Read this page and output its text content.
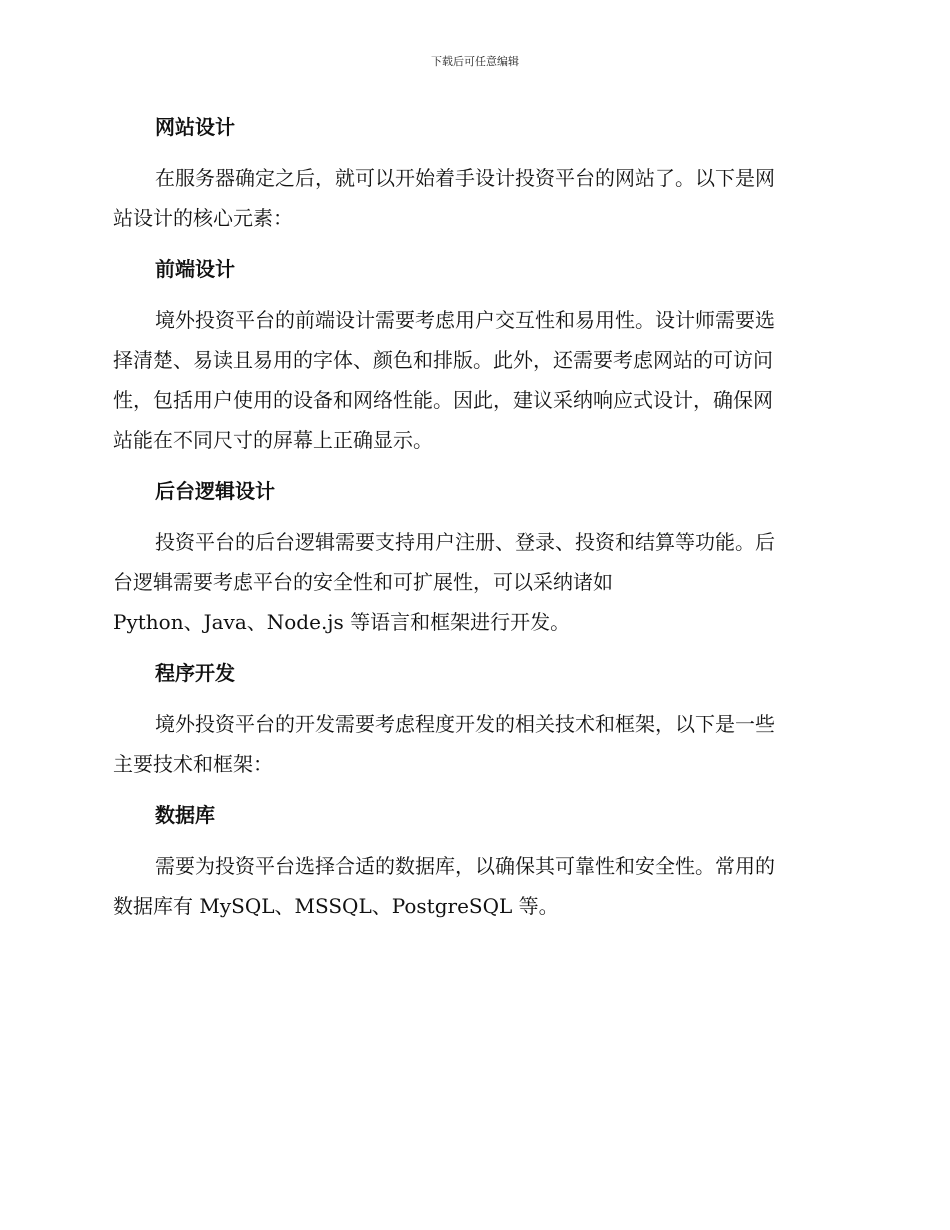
下载后可任意编辑
网站设计
在服务器确定之后，就可以开始着手设计投资平台的网站了。以下是网
站设计的核心元素：
前端设计
境外投资平台的前端设计需要考虑用户交互性和易用性。设计师需要选
择清楚、易读且易用的字体、颜色和排版。此外，还需要考虑网站的可访问
性，包括用户使用的设备和网络性能。因此，建议采纳响应式设计，确保网
站能在不同尺寸的屏幕上正确显示。
后台逻辑设计
投资平台的后台逻辑需要支持用户注册、登录、投资和结算等功能。后
台逻辑需要考虑平台的安全性和可扩展性，可以采纳诸如
Python、Java、Node.js 等语言和框架进行开发。
程序开发
境外投资平台的开发需要考虑程度开发的相关技术和框架，以下是一些
主要技术和框架：
数据库
需要为投资平台选择合适的数据库，以确保其可靠性和安全性。常用的
数据库有 MySQL、MSSQL、PostgreSQL 等。
